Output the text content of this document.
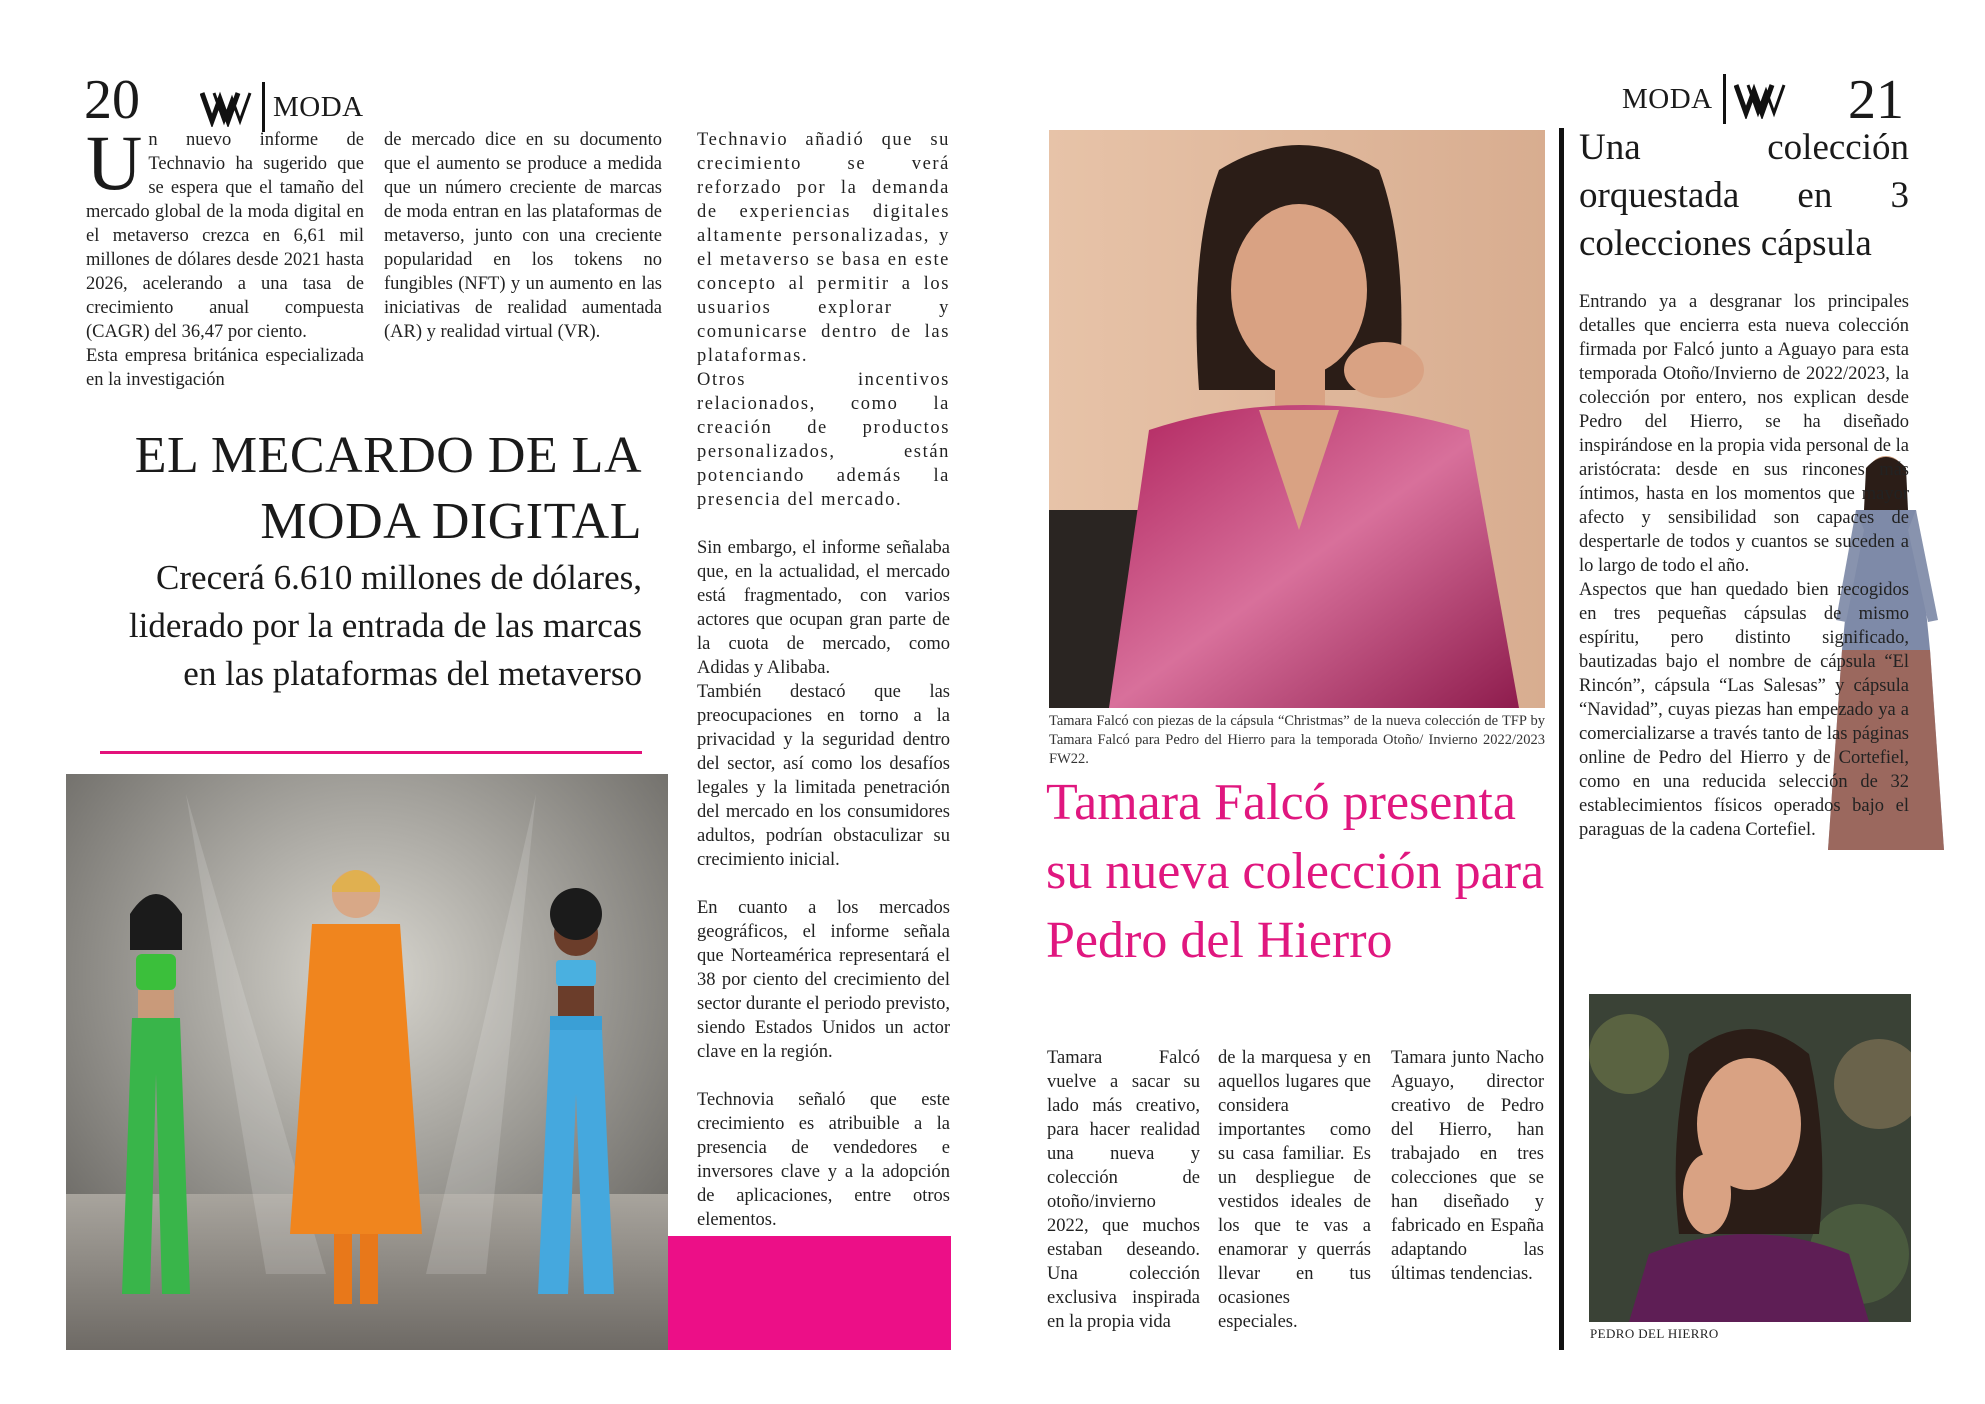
20	MODA
U n nuevo informe de Technavio ha sugerido que se espera que el tamaño del mercado global de la moda digital en el metaverso crezca en 6,61 mil millones de dólares desde 2021 hasta 2026, acelerando a una tasa de crecimiento anual compuesta (CAGR) del 36,47 por ciento.

Esta empresa británica especializada en la investigación

de mercado dice en su documento que el aumento se produce a medida que un número creciente de marcas de moda entran en las plataformas de metaverso, junto con una creciente popularidad en los tokens no fungibles (NFT) y un aumento en las iniciativas de realidad aumentada (AR) y realidad virtual (VR).

Technavio añadió que su crecimiento se verá reforzado por la demanda de experiencias digitales altamente personalizadas, y el metaverso se basa en este concepto al permitir a los usuarios explorar y comunicarse dentro de las plataformas.

Otros incentivos relacionados, como la creación de productos personalizados, están potenciando además la presencia del mercado.

Sin embargo, el informe señalaba que, en la actualidad, el mercado está fragmentado, con varios actores que ocupan gran parte de la cuota de mercado, como Adidas y Alibaba.

También destacó que las preocupaciones en torno a la privacidad y la seguridad dentro del sector, así como los desafíos legales y la limitada penetración del mercado en los consumidores adultos, podrían obstaculizar su crecimiento inicial.

En cuanto a los mercados geográficos, el informe señala que Norteamérica representará el 38 por ciento del crecimiento del sector durante el periodo previsto, siendo Estados Unidos un actor clave en la región.

Technovia señaló que este crecimiento es atribuible a la presencia de vendedores e inversores clave y a la adopción de aplicaciones, entre otros elementos.

EL MECARDO DE LA
MODA DIGITAL
Crecerá 6.610 millones de dólares, liderado por la entrada de las marcas en las plataformas del metaverso
MODA 21
Tamara Falcó con piezas de la cápsula “Christmas” de la nueva colección de TFP by Tamara Falcó para Pedro del Hierro para la temporada Otoño/ Invierno 2022/2023 FW22.
Tamara Falcó presenta su nueva colección para Pedro del Hierro
Tamara Falcó vuelve a sacar su lado más creativo, para hacer realidad una nueva y colección de otoño/invierno 2022, que muchos estaban deseando. Una colección exclusiva inspirada en la propia vida
de la marquesa y en aquellos lugares que considera importantes como su casa familiar. Es un despliegue de vestidos ideales de los que te vas a enamorar y querrás llevar en tus ocasiones especiales.
Tamara junto Nacho Aguayo, director creativo de Pedro del Hierro, han trabajado en tres colecciones que se han diseñado y fabricado en España adaptando las últimas tendencias.
Una colección
orquestada en 3
colecciones cápsula

Entrando ya a desgranar los principales detalles que encierra esta nueva colección firmada por Falcó junto a Aguayo para esta temporada Otoño/Invierno de 2022/2023, la colección por entero, nos explican desde Pedro del Hierro, se ha diseñado inspirándose en la propia vida personal de la aristócrata: desde en sus rincones más íntimos, hasta en los momentos que mayor afecto y sensibilidad son capaces de despertarle de todos y cuantos se suceden a lo largo de todo el año.

Aspectos que han quedado bien recogidos en tres pequeñas cápsulas de mismo espíritu, pero distinto significado, bautizadas bajo el nombre de cápsula “El Rincón”, cápsula “Las Salesas” y cápsula “Navidad”, cuyas piezas han empezado ya a comercializarse a través tanto de las páginas online de Pedro del Hierro y de Cortefiel, como en una reducida selección de 32 establecimientos físicos operados bajo el paraguas de la cadena Cortefiel.

PEDRO DEL HIERRO
